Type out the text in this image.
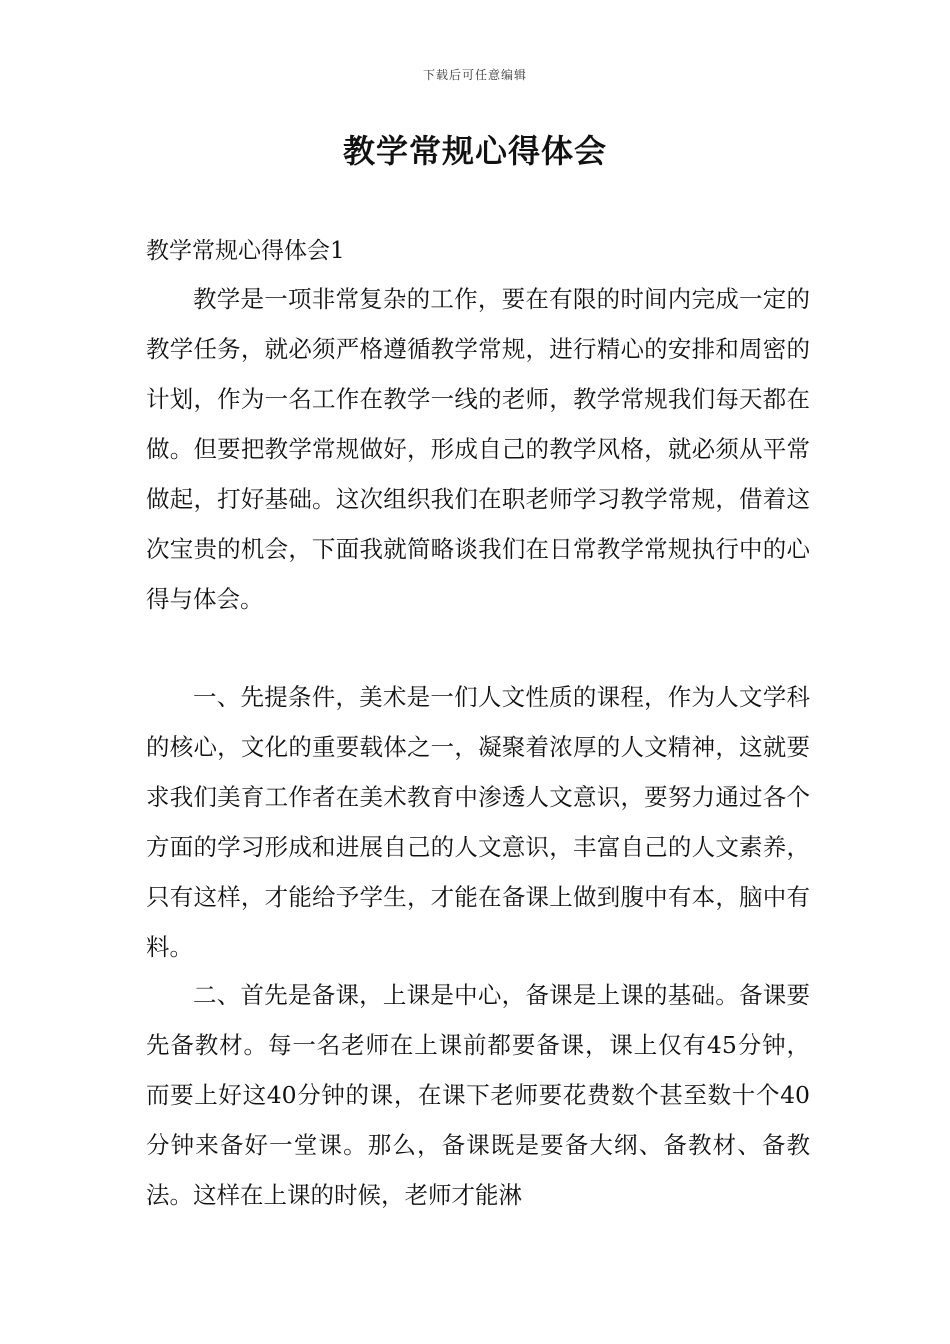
下载后可任意编辑
教学常规心得体会

教学常规心得体会1

教学是一项非常复杂的工作，要在有限的时间内完成一定的教学任务，就必须严格遵循教学常规，进行精心的安排和周密的计划，作为一名工作在教学一线的老师，教学常规我们每天都在做。但要把教学常规做好，形成自己的教学风格，就必须从平常做起，打好基础。这次组织我们在职老师学习教学常规，借着这次宝贵的机会，下面我就简略谈我们在日常教学常规执行中的心得与体会。

一、先提条件，美术是一们人文性质的课程，作为人文学科的核心，文化的重要载体之一，凝聚着浓厚的人文精神，这就要求我们美育工作者在美术教育中渗透人文意识，要努力通过各个方面的学习形成和进展自己的人文意识，丰富自己的人文素养，只有这样，才能给予学生，才能在备课上做到腹中有本，脑中有料。

二、首先是备课，上课是中心，备课是上课的基础。备课要先备教材。每一名老师在上课前都要备课，课上仅有45分钟，而要上好这40分钟的课，在课下老师要花费数个甚至数十个40分钟来备好一堂课。那么，备课既是要备大纲、备教材、备教法。这样在上课的时候，老师才能淋
